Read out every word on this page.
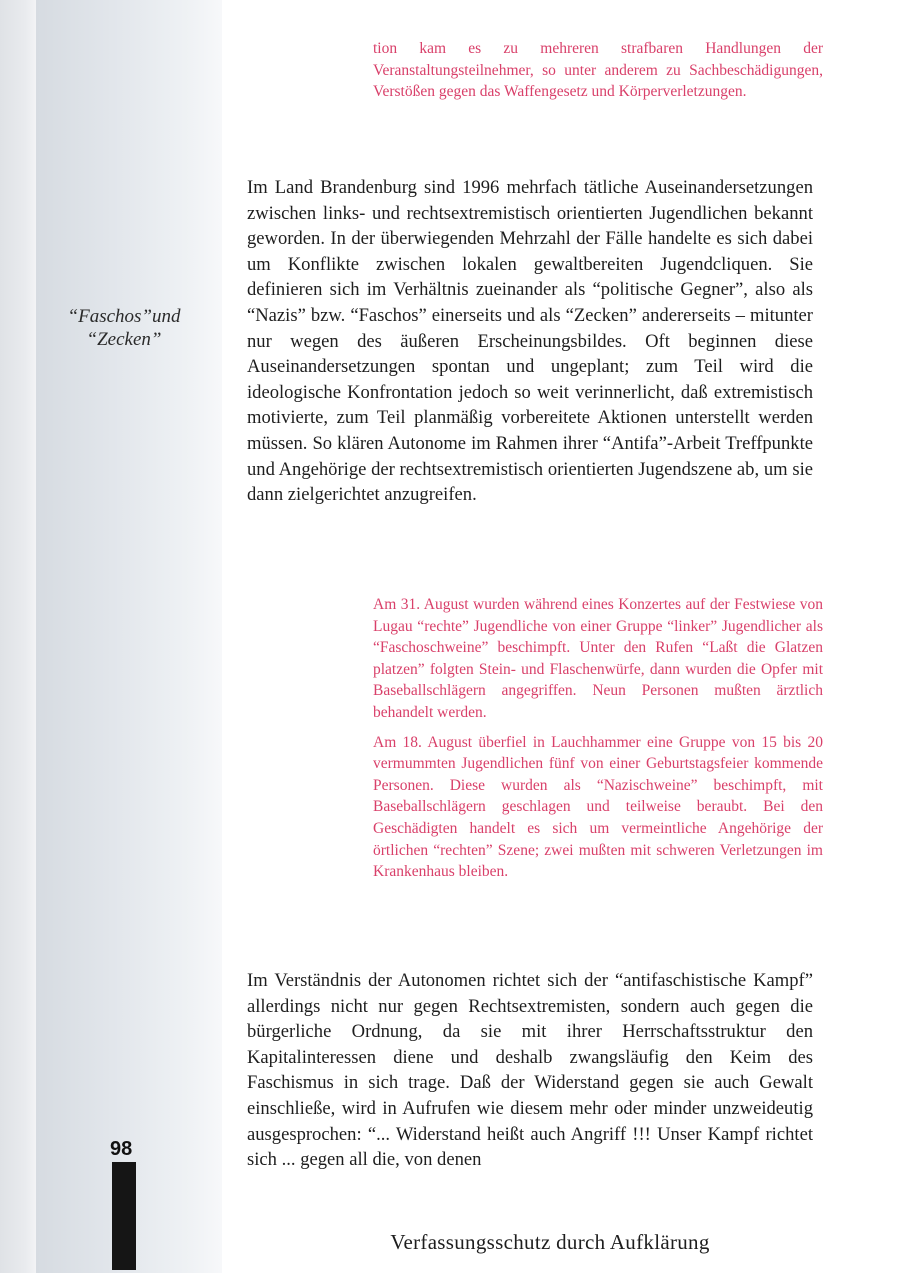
“Faschos”und
“Zecken”

tion kam es zu mehreren strafbaren Handlungen der Veranstaltungsteilnehmer, so unter anderem zu Sachbeschädigungen, Verstößen gegen das Waffengesetz und Körperverletzungen.

Im Land Brandenburg sind 1996 mehrfach tätliche Auseinandersetzungen zwischen links- und rechtsextremistisch orientierten Jugendlichen bekannt geworden. In der überwiegenden Mehrzahl der Fälle handelte es sich dabei um Konflikte zwischen lokalen gewaltbereiten Jugendcliquen. Sie definieren sich im Verhältnis zueinander als “politische Gegner”, also als “Nazis” bzw. “Faschos” einerseits und als “Zecken” andererseits – mitunter nur wegen des äußeren Erscheinungsbildes. Oft beginnen diese Auseinandersetzungen spontan und ungeplant; zum Teil wird die ideologische Konfrontation jedoch so weit verinnerlicht, daß extremistisch motivierte, zum Teil planmäßig vorbereitete Aktionen unterstellt werden müssen. So klären Autonome im Rahmen ihrer “Antifa”-Arbeit Treffpunkte und Angehörige der rechtsextremistisch orientierten Jugendszene ab, um sie dann zielgerichtet anzugreifen.

Am 31. August wurden während eines Konzertes auf der Festwiese von Lugau “rechte” Jugendliche von einer Gruppe “linker” Jugendlicher als “Faschoschweine” beschimpft. Unter den Rufen “Laßt die Glatzen platzen” folgten Stein- und Flaschenwürfe, dann wurden die Opfer mit Baseballschlägern angegriffen. Neun Personen mußten ärztlich behandelt werden.

Am 18. August überfiel in Lauchhammer eine Gruppe von 15 bis 20 vermummten Jugendlichen fünf von einer Geburtstagsfeier kommende Personen. Diese wurden als “Nazischweine” beschimpft, mit Baseballschlägern geschlagen und teilweise beraubt. Bei den Geschädigten handelt es sich um vermeintliche Angehörige der örtlichen “rechten” Szene; zwei mußten mit schweren Verletzungen im Krankenhaus bleiben.

Im Verständnis der Autonomen richtet sich der “antifaschistische Kampf” allerdings nicht nur gegen Rechtsextremisten, sondern auch gegen die bürgerliche Ordnung, da sie mit ihrer Herrschaftsstruktur den Kapitalinteressen diene und deshalb zwangsläufig den Keim des Faschismus in sich trage. Daß der Widerstand gegen sie auch Gewalt einschließe, wird in Aufrufen wie diesem mehr oder minder unzweideutig ausgesprochen: “... Widerstand heißt auch Angriff !!! Unser Kampf richtet sich ... gegen all die, von denen

98
Verfassungsschutz durch Aufklärung
